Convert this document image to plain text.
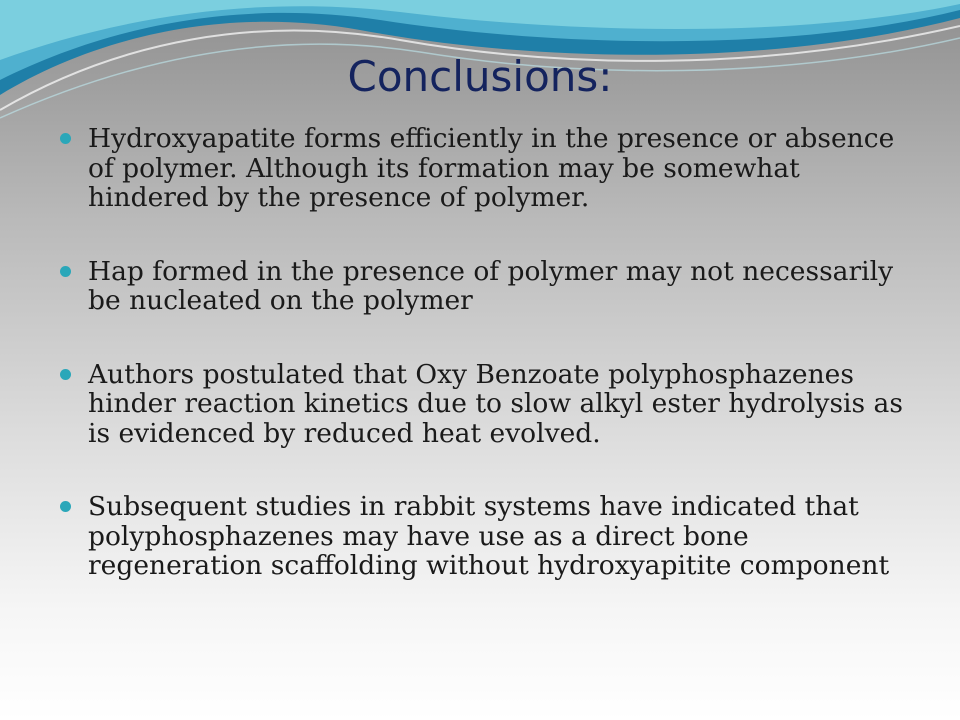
Conclusions:
Hydroxyapatite forms efficiently in the presence or absence of polymer. Although its formation may be somewhat hindered by the presence of polymer.
Hap formed in the presence of polymer may not necessarily be nucleated on the polymer
Authors postulated that Oxy Benzoate polyphosphazenes hinder reaction kinetics due to slow alkyl ester hydrolysis as is evidenced by reduced heat evolved.
Subsequent studies in rabbit systems have indicated that polyphosphazenes may have use as a direct bone regeneration scaffolding without hydroxyapitite component
